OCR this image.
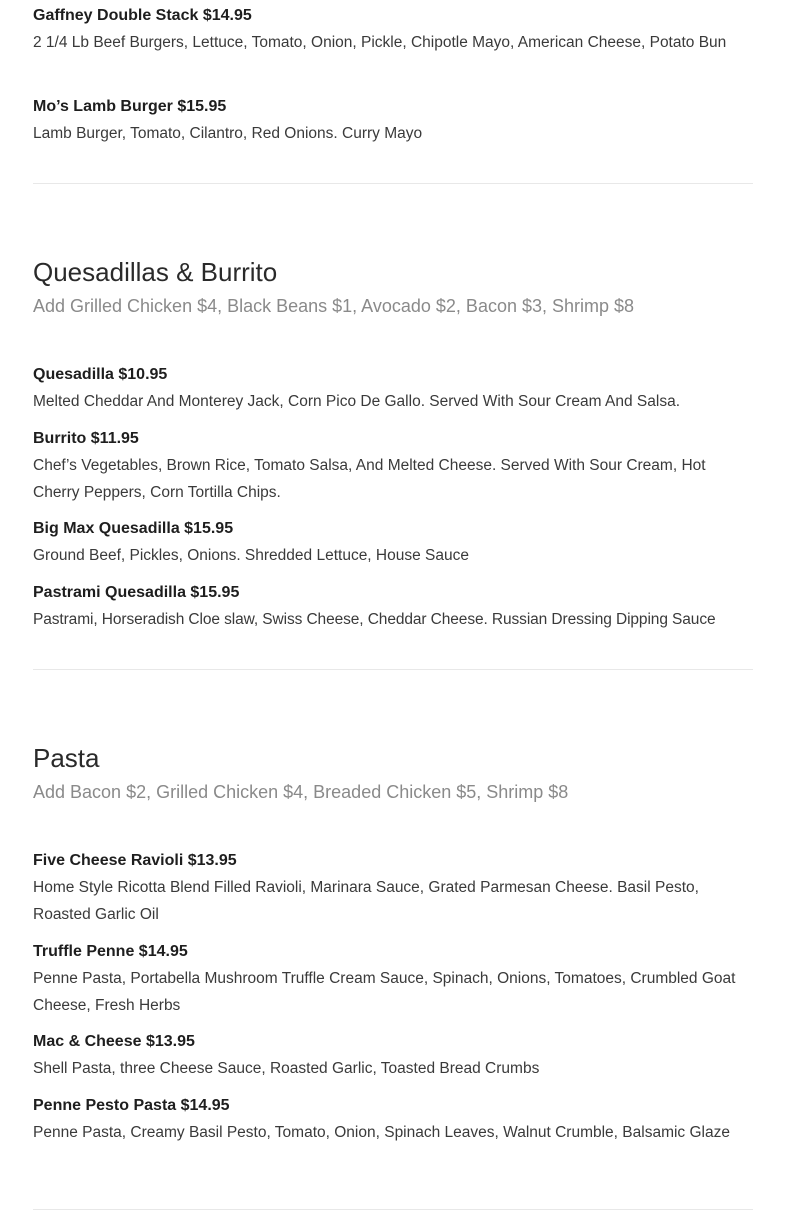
Gaffney Double Stack $14.95
2 1/4 Lb Beef Burgers, Lettuce, Tomato, Onion, Pickle, Chipotle Mayo, American Cheese, Potato Bun
Mo’s Lamb Burger $15.95
Lamb Burger, Tomato, Cilantro, Red Onions. Curry Mayo
Quesadillas & Burrito
Add Grilled Chicken $4, Black Beans $1, Avocado $2, Bacon $3, Shrimp $8
Quesadilla $10.95
Melted Cheddar And Monterey Jack, Corn Pico De Gallo. Served With Sour Cream And Salsa.
Burrito $11.95
Chef’s Vegetables, Brown Rice, Tomato Salsa, And Melted Cheese. Served With Sour Cream, Hot Cherry Peppers, Corn Tortilla Chips.
Big Max Quesadilla $15.95
Ground Beef, Pickles, Onions. Shredded Lettuce, House Sauce
Pastrami Quesadilla $15.95
Pastrami, Horseradish Cloe slaw, Swiss Cheese, Cheddar Cheese. Russian Dressing Dipping Sauce
Pasta
Add Bacon $2, Grilled Chicken $4, Breaded Chicken $5, Shrimp $8
Five Cheese Ravioli $13.95
Home Style Ricotta Blend Filled Ravioli, Marinara Sauce, Grated Parmesan Cheese. Basil Pesto, Roasted Garlic Oil
Truffle Penne $14.95
Penne Pasta, Portabella Mushroom Truffle Cream Sauce, Spinach, Onions, Tomatoes, Crumbled Goat Cheese, Fresh Herbs
Mac & Cheese $13.95
Shell Pasta, three Cheese Sauce, Roasted Garlic, Toasted Bread Crumbs
Penne Pesto Pasta $14.95
Penne Pasta, Creamy Basil Pesto, Tomato, Onion, Spinach Leaves, Walnut Crumble, Balsamic Glaze
